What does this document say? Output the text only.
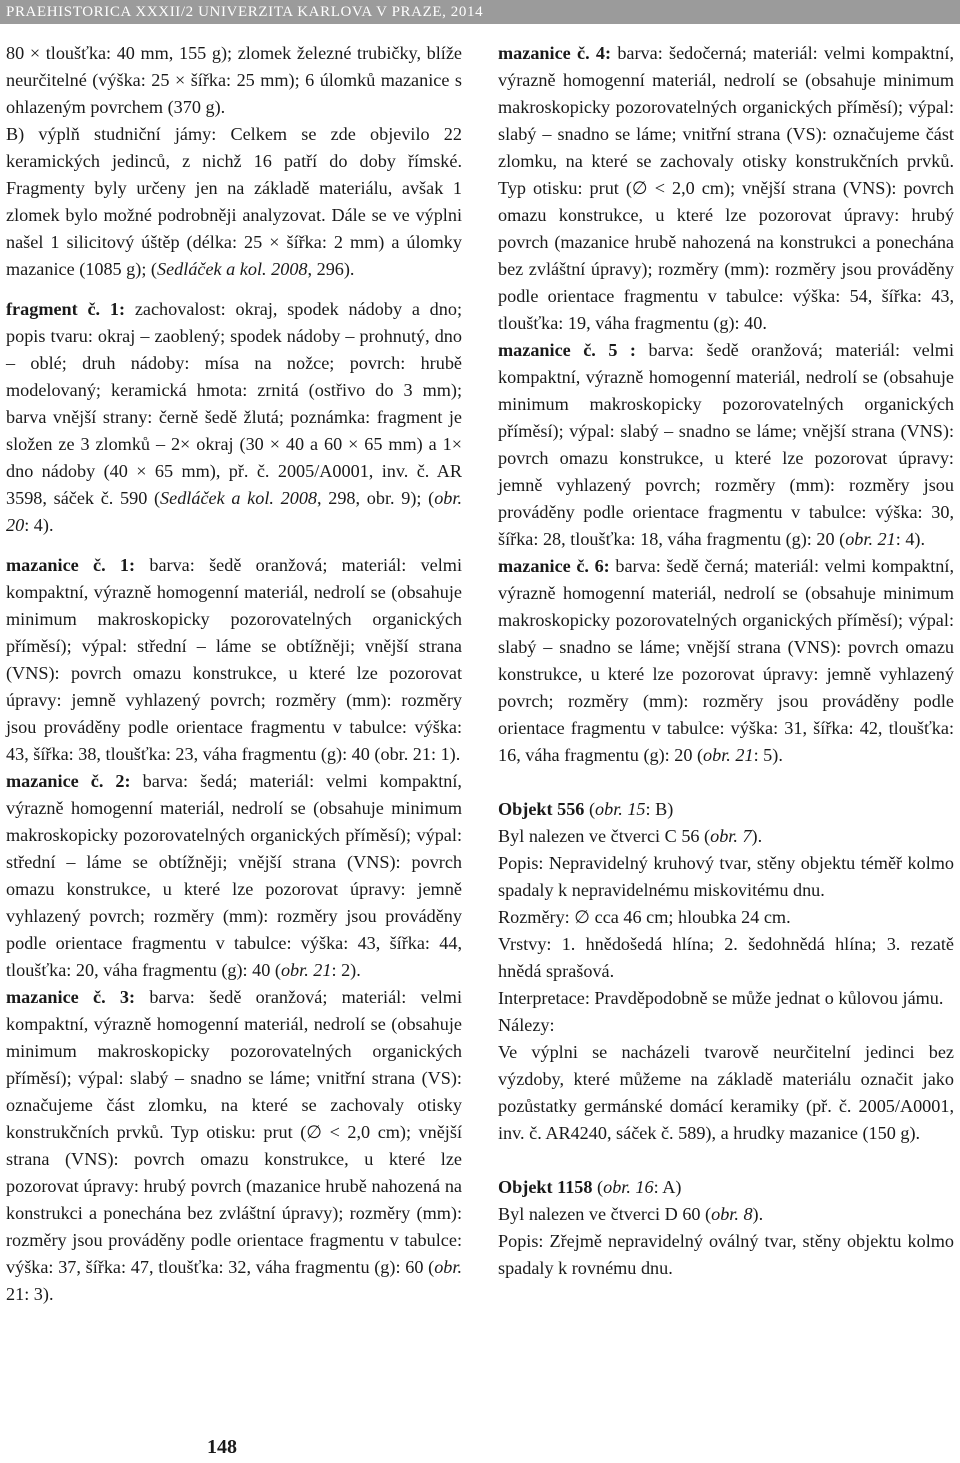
PRAEHISTORICA XXXII/2 UNIVERZITA KARLOVA V PRAZE, 2014

80 × tloušťka: 40 mm, 155 g); zlomek železné trubičky, blíže neurčitelné (výška: 25 × šířka: 25 mm); 6 úlomků mazanice s ohlazeným povrchem (370 g).

B) výplň studniční jámy: Celkem se zde objevilo 22 keramických jedinců, z nichž 16 patří do doby římské. Fragmenty byly určeny jen na základě materiálu, avšak 1 zlomek bylo možné podrobněji analyzovat. Dále se ve výplni našel 1 silicitový úštěp (délka: 25 × šířka: 2 mm) a úlomky mazanice (1085 g); (Sedláček a kol. 2008, 296).

fragment č. 1: zachovalost: okraj, spodek nádoby a dno; popis tvaru: okraj – zaoblený; spodek nádoby – prohnutý, dno – oblé; druh nádoby: mísa na nožce; povrch: hrubě modelovaný; keramická hmota: zrnitá (ostřivo do 3 mm); barva vnější strany: černě šedě žlutá; poznámka: fragment je složen ze 3 zlomků – 2× okraj (30 × 40 a 60 × 65 mm) a 1× dno nádoby (40 × 65 mm), př. č. 2005/A0001, inv. č. AR 3598, sáček č. 590 (Sedláček a kol. 2008, 298, obr. 9); (obr. 20: 4).

mazanice č. 1: barva: šedě oranžová; materiál: velmi kompaktní, výrazně homogenní materiál, nedrolí se (obsahuje minimum makroskopicky pozorovatelných organických příměsí); výpal: střední – láme se obtížněji; vnější strana (VNS): povrch omazu konstrukce, u které lze pozorovat úpravy: jemně vyhlazený povrch; rozměry (mm): rozměry jsou prováděny podle orientace fragmentu v tabulce: výška: 43, šířka: 38, tloušťka: 23, váha fragmentu (g): 40 (obr. 21: 1).

mazanice č. 2: barva: šedá; materiál: velmi kompaktní, výrazně homogenní materiál, nedrolí se (obsahuje minimum makroskopicky pozorovatelných organických příměsí); výpal: střední – láme se obtížněji; vnější strana (VNS): povrch omazu konstrukce, u které lze pozorovat úpravy: jemně vyhlazený povrch; rozměry (mm): rozměry jsou prováděny podle orientace fragmentu v tabulce: výška: 43, šířka: 44, tloušťka: 20, váha fragmentu (g): 40 (obr. 21: 2).

mazanice č. 3: barva: šedě oranžová; materiál: velmi kompaktní, výrazně homogenní materiál, nedrolí se (obsahuje minimum makroskopicky pozorovatelných organických příměsí); výpal: slabý – snadno se láme; vnitřní strana (VS): označujeme část zlomku, na které se zachovaly otisky konstrukčních prvků. Typ otisku: prut (∅ < 2,0 cm); vnější strana (VNS): povrch omazu konstrukce, u které lze pozorovat úpravy: hrubý povrch (mazanice hrubě nahozená na konstrukci a ponechána bez zvláštní úpravy); rozměry (mm): rozměry jsou prováděny podle orientace fragmentu v tabulce: výška: 37, šířka: 47, tloušťka: 32, váha fragmentu (g): 60 (obr. 21: 3).

mazanice č. 4: barva: šedočerná; materiál: velmi kompaktní, výrazně homogenní materiál, nedrolí se (obsahuje minimum makroskopicky pozorovatelných organických příměsí); výpal: slabý – snadno se láme; vnitřní strana (VS): označujeme část zlomku, na které se zachovaly otisky konstrukčních prvků. Typ otisku: prut (∅ < 2,0 cm); vnější strana (VNS): povrch omazu konstrukce, u které lze pozorovat úpravy: hrubý povrch (mazanice hrubě nahozená na konstrukci a ponechána bez zvláštní úpravy); rozměry (mm): rozměry jsou prováděny podle orientace fragmentu v tabulce: výška: 54, šířka: 43, tloušťka: 19, váha fragmentu (g): 40.

mazanice č. 5 : barva: šedě oranžová; materiál: velmi kompaktní, výrazně homogenní materiál, nedrolí se (obsahuje minimum makroskopicky pozorovatelných organických příměsí); výpal: slabý – snadno se láme; vnější strana (VNS): povrch omazu konstrukce, u které lze pozorovat úpravy: jemně vyhlazený povrch; rozměry (mm): rozměry jsou prováděny podle orientace fragmentu v tabulce: výška: 30, šířka: 28, tloušťka: 18, váha fragmentu (g): 20 (obr. 21: 4).

mazanice č. 6: barva: šedě černá; materiál: velmi kompaktní, výrazně homogenní materiál, nedrolí se (obsahuje minimum makroskopicky pozorovatelných organických příměsí); výpal: slabý – snadno se láme; vnější strana (VNS): povrch omazu konstrukce, u které lze pozorovat úpravy: jemně vyhlazený povrch; rozměry (mm): rozměry jsou prováděny podle orientace fragmentu v tabulce: výška: 31, šířka: 42, tloušťka: 16, váha fragmentu (g): 20 (obr. 21: 5).

Objekt 556 (obr. 15: B)

Byl nalezen ve čtverci C 56 (obr. 7).

Popis: Nepravidelný kruhový tvar, stěny objektu téměř kolmo spadaly k nepravidelnému miskovitému dnu.

Rozměry: ∅ cca 46 cm; hloubka 24 cm.

Vrstvy: 1. hnědošedá hlína; 2. šedohnědá hlína; 3. rezatě hnědá sprašová.

Interpretace: Pravděpodobně se může jednat o kůlovou jámu.

Nálezy:

Ve výplni se nacházeli tvarově neurčitelní jedinci bez výzdoby, které můžeme na základě materiálu označit jako pozůstatky germánské domácí keramiky (př. č. 2005/A0001, inv. č. AR4240, sáček č. 589), a hrudky mazanice (150 g).

Objekt 1158 (obr. 16: A)

Byl nalezen ve čtverci D 60 (obr. 8).

Popis: Zřejmě nepravidelný oválný tvar, stěny objektu kolmo spadaly k rovnému dnu.

148
